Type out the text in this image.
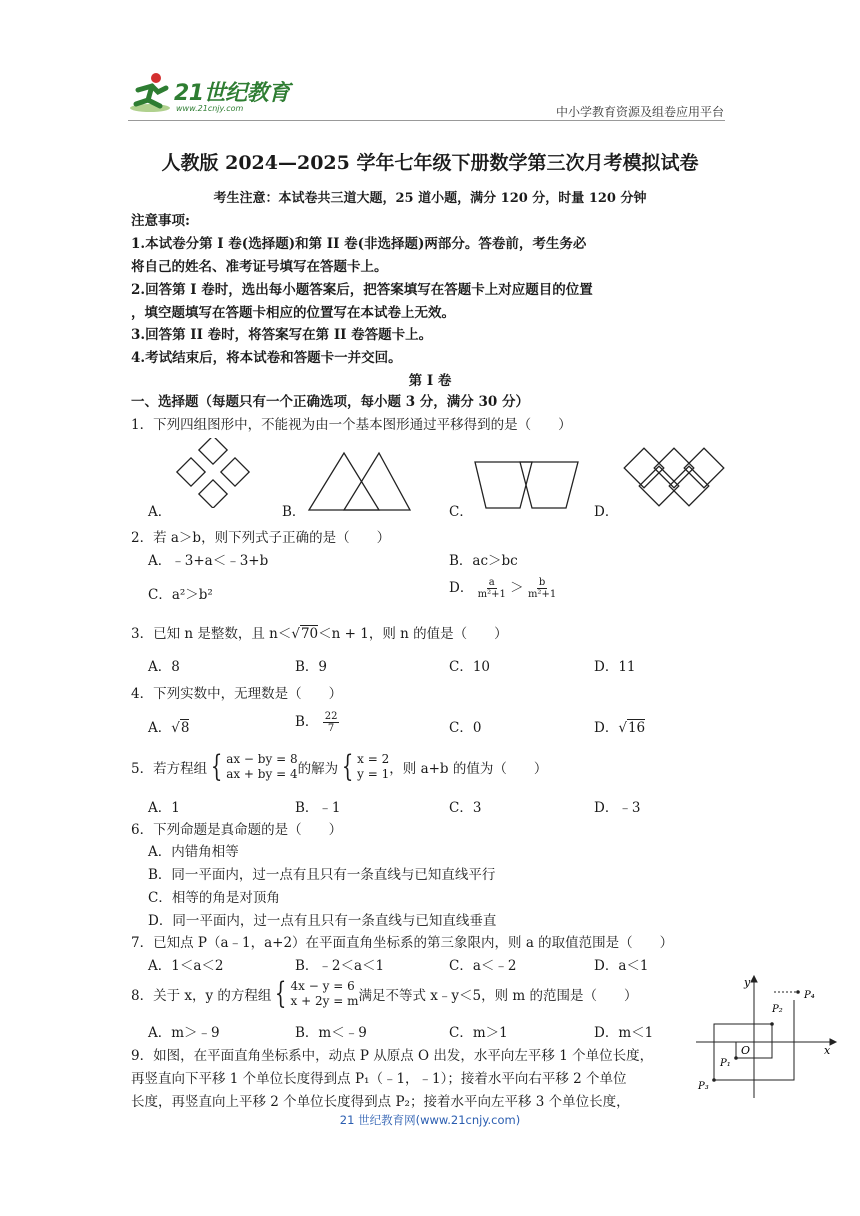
21世纪教育
www.21cnjy.com	中小学教育资源及组卷应用平台
人教版 2024—2025 学年七年级下册数学第三次月考模拟试卷
考生注意：本试卷共三道大题，25 道小题，满分 120 分，时量 120 分钟
注意事项:
1.本试卷分第 I 卷(选择题)和第 II 卷(非选择题)两部分。答卷前，考生务必
将自己的姓名、准考证号填写在答题卡上。
2.回答第 I 卷时，选出每小题答案后，把答案填写在答题卡上对应题目的位置
，填空题填写在答题卡相应的位置写在本试卷上无效。
3.回答第 II 卷时，将答案写在第 II 卷答题卡上。
4.考试结束后，将本试卷和答题卡一并交回。
第 I 卷
一、选择题（每题只有一个正确选项，每小题 3 分，满分 30 分）
1．下列四组图形中，不能视为由一个基本图形通过平移得到的是（　　）
A．	B．	C．	D．
2．若 a＞b，则下列式子正确的是（　　）
A．﹣3+a＜﹣3+b	B．ac＞bc
C．a²＞b²	D． $\frac{a}{\text{m²+1}} > \frac{b}{\text{m²+1}}$
3．已知 n 是整数，且 n＜√70＜n + 1，则 n 的值是（　　）
A．8	B．9	C．10	D．11
4．下列实数中，无理数是（　　）
A．√8	B． $\frac{22}{7}$	C．0	D．√16
5．若方程组 { ax − by = 8
ax + by = 4 的解为 { x = 2
y = 1 ，则 a+b 的值为（　　）
A．1	B．﹣1	C．3	D．﹣3
6．下列命题是真命题的是（　　）
A．内错角相等
B．同一平面内，过一点有且只有一条直线与已知直线平行
C．相等的角是对顶角
D．同一平面内，过一点有且只有一条直线与已知直线垂直
7．已知点 P（a﹣1，a+2）在平面直角坐标系的第三象限内，则 a 的取值范围是（　　）
A．1＜a＜2	B．﹣2＜a＜1	C．a＜﹣2	D．a＜1
8．关于 x，y 的方程组 { 4x − y = 6
x + 2y = m 满足不等式 x﹣y＜5，则 m 的范围是（　　）
A．m＞﹣9	B．m＜﹣9	C．m＞1	D．m＜1
9．如图，在平面直角坐标系中，动点 P 从原点 O 出发，水平向左平移 1 个单位长度，
再竖直向下平移 1 个单位长度得到点 P₁（﹣1，﹣1）；接着水平向右平移 2 个单位
长度，再竖直向上平移 2 个单位长度得到点 P₂；接着水平向左平移 3 个单位长度，
y
x
O
P₁
P₂
P₃
P₄
21 世纪教育网(www.21cnjy.com)
